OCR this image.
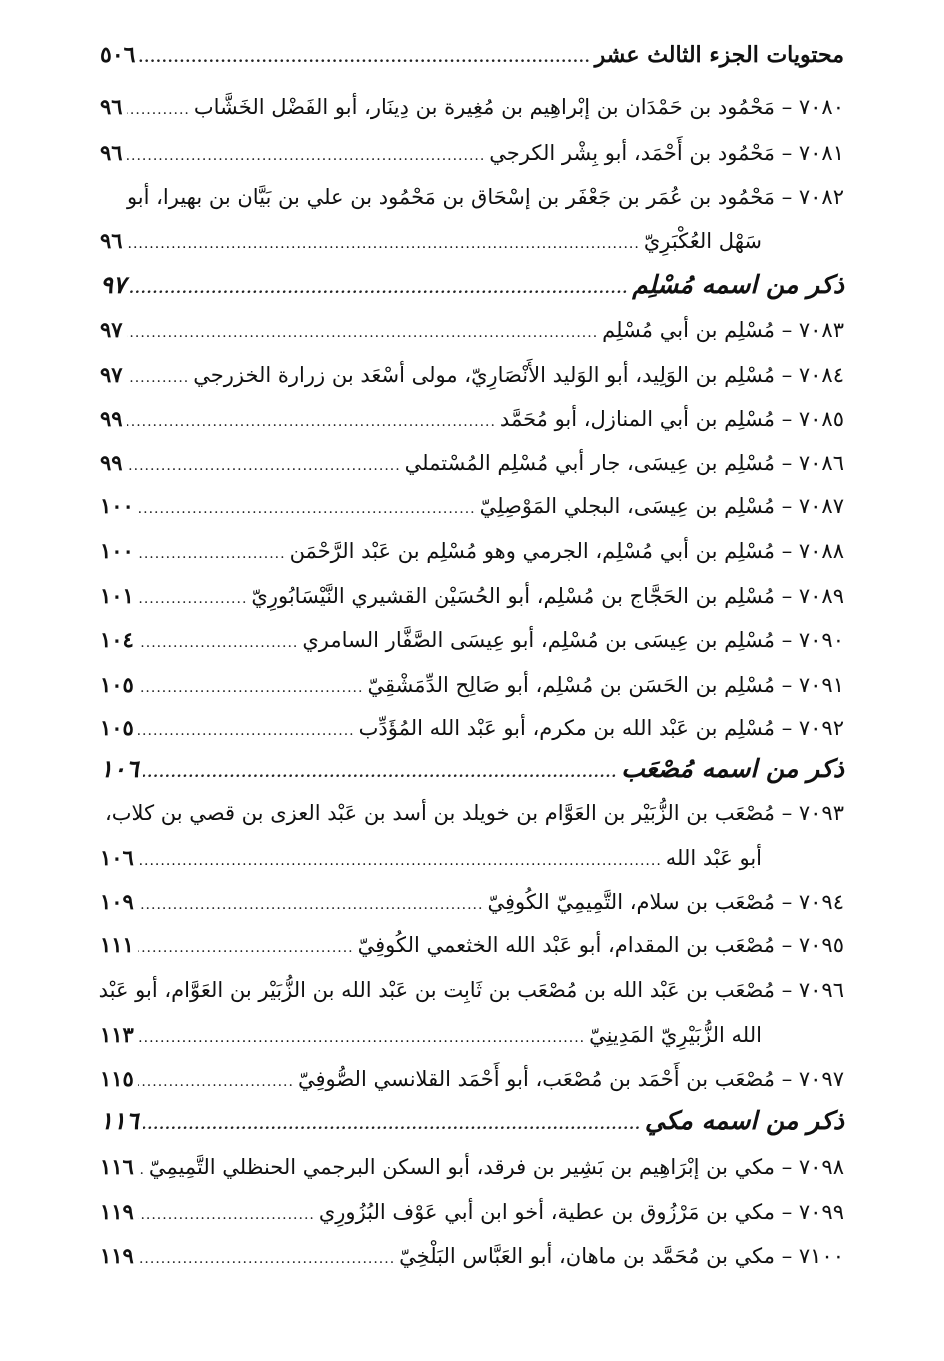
محتويات الجزء الثالث عشر
.....
٥٠٦
٧٠٨٠
–
مَحْمُود بن حَمْدَان بن إبْراهِيم بن مُغِيرة بن دِينَار، أبو الفَضْل الخَشَّاب
.....
٩٦
٧٠٨١
–
مَحْمُود بن أَحْمَد، أبو بِشْر الكرجي
.....
٩٦
٧٠٨٢
–
مَحْمُود بن عُمَر بن جَعْفَر بن إسْحَاق بن مَحْمُود بن علي بن بَيَّان بن بهيرا، أبو
سَهْل العُكْبَرِيّ
.....
٩٦
ذكر من اسمه مُسْلِم
.....
٩٧
٧٠٨٣
–
مُسْلِم بن أبي مُسْلِم
.....
٩٧
٧٠٨٤
–
مُسْلِم بن الوَلِيد، أبو الوَليد الأَنْصَارِيّ، مولى أسْعَد بن زرارة الخزرجي
.....
٩٧
٧٠٨٥
–
مُسْلِم بن أبي المنازل، أبو مُحَمَّد
.....
٩٩
٧٠٨٦
–
مُسْلِم بن عِيسَى، جار أبي مُسْلِم المُسْتملي
.....
٩٩
٧٠٨٧
–
مُسْلِم بن عِيسَى، البجلي المَوْصِلِيّ
.....
١٠٠
٧٠٨٨
–
مُسْلِم بن أبي مُسْلِم، الجرمي وهو مُسْلِم بن عَبْد الرَّحْمَن
.....
١٠٠
٧٠٨٩
–
مُسْلِم بن الحَجَّاج بن مُسْلِم، أبو الحُسَيْن القشيري النَّيْسَابُورِيّ
.....
١٠١
٧٠٩٠
–
مُسْلِم بن عِيسَى بن مُسْلِم، أبو عِيسَى الصَّفَّار السامري
.....
١٠٤
٧٠٩١
–
مُسْلِم بن الحَسَن بن مُسْلِم، أبو صَالِح الدِّمَشْقِيّ
.....
١٠٥
٧٠٩٢
–
مُسْلِم بن عَبْد الله بن مكرم، أبو عَبْد الله المُؤَدِّب
.....
١٠٥
ذكر من اسمه مُصْعَب
.....
١٠٦
٧٠٩٣
–
مُصْعَب بن الزُّبَيْر بن العَوَّام بن خويلد بن أسد بن عَبْد العزى بن قصي بن كلاب،
أبو عَبْد الله
.....
١٠٦
٧٠٩٤
–
مُصْعَب بن سلام، التَّمِيمِيّ الكُوفِيّ
.....
١٠٩
٧٠٩٥
–
مُصْعَب بن المقدام، أبو عَبْد الله الخثعمي الكُوفِيّ
.....
١١١
٧٠٩٦
–
مُصْعَب بن عَبْد الله بن مُصْعَب بن ثَابِت بن عَبْد الله بن الزُّبَيْر بن العَوَّام، أبو عَبْد
الله الزُّبَيْرِيّ المَدِينِيّ
.....
١١٣
٧٠٩٧
–
مُصْعَب بن أَحْمَد بن مُصْعَب، أبو أَحْمَد القلانسي الصُّوفِيّ
.....
١١٥
ذكر من اسمه مكي
.....
١١٦
٧٠٩٨
–
مكي بن إبْرَاهِيم بن بَشِير بن فرقد، أبو السكن البرجمي الحنظلي التَّمِيمِيّ
.....
١١٦
٧٠٩٩
–
مكي بن مَرْزُوق بن عطية، أخو ابن أبي عَوْف البُزُورِي
.....
١١٩
٧١٠٠
–
مكي بن مُحَمَّد بن ماهان، أبو العَبَّاس البَلْخِيّ
.....
١١٩
